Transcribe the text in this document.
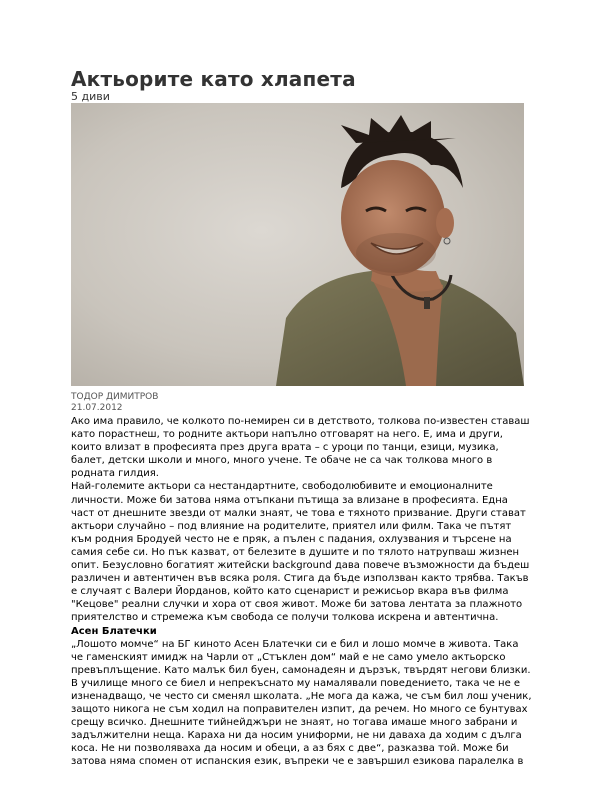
Актьорите като хлапета
5 диви
ТОДОР ДИМИТРОВ
21.07.2012

Ако има правило, че колкото по-немирен си в детството, толкова по-известен ставаш като порастнеш, то родните актьори напълно отговарят на него. Е, има и други, които влизат в професията през друга врата – с уроци по танци, езици, музика, балет, детски школи и много, много учене. Те обаче не са чак толкова много в родната гилдия.

Най-големите актьори са нестандартните, свободолюбивите и емоционалните личности. Може би затова няма отъпкани пътища за влизане в професията. Една част от днешните звезди от малки знаят, че това е тяхното призвание. Други стават актьори случайно – под влияние на родителите, приятел или филм. Така че пътят към родния Бродуей често не е пряк, а пълен с падания, охлузвания и търсене на самия себе си. Но пък казват, от белезите в душите и по тялото натрупваш жизнен опит. Безусловно богатият житейски background дава повече възможности да бъдеш различен и автентичен във всяка роля. Стига да бъде използван както трябва. Такъв е случаят с Валери Йорданов, който като сценарист и режисьор вкара във филма "Кецове" реални случки и хора от своя живот. Може би затова лентата за плажното приятелство и стремежа към свобода се получи толкова искрена и автентична.

Асен Блатечки

„Лошото момче“ на БГ киното Асен Блатечки си е бил и лошо момче в живота. Така че гаменският имидж на Чарли от „Стъклен дом“ май е не само умело актьорско превъплъщение. Като малък бил буен, самонадеян и дързък, твърдят негови близки. В училище много се биел и непрекъснато му намалявали поведението, така че не е изненадващо, че често си сменял школата. „Не мога да кажа, че съм бил лош ученик, защото никога не съм ходил на поправителен изпит, да речем. Но много се бунтувах срещу всичко. Днешните тийнейджъри не знаят, но тогава имаше много забрани и задължителни неща. Караха ни да носим униформи, не ни даваха да ходим с дълга коса. Не ни позволяваха да носим и обеци, а аз бях с две“, разказва той. Може би затова няма спомен от испанския език, въпреки че е завършил езикова паралелка в
